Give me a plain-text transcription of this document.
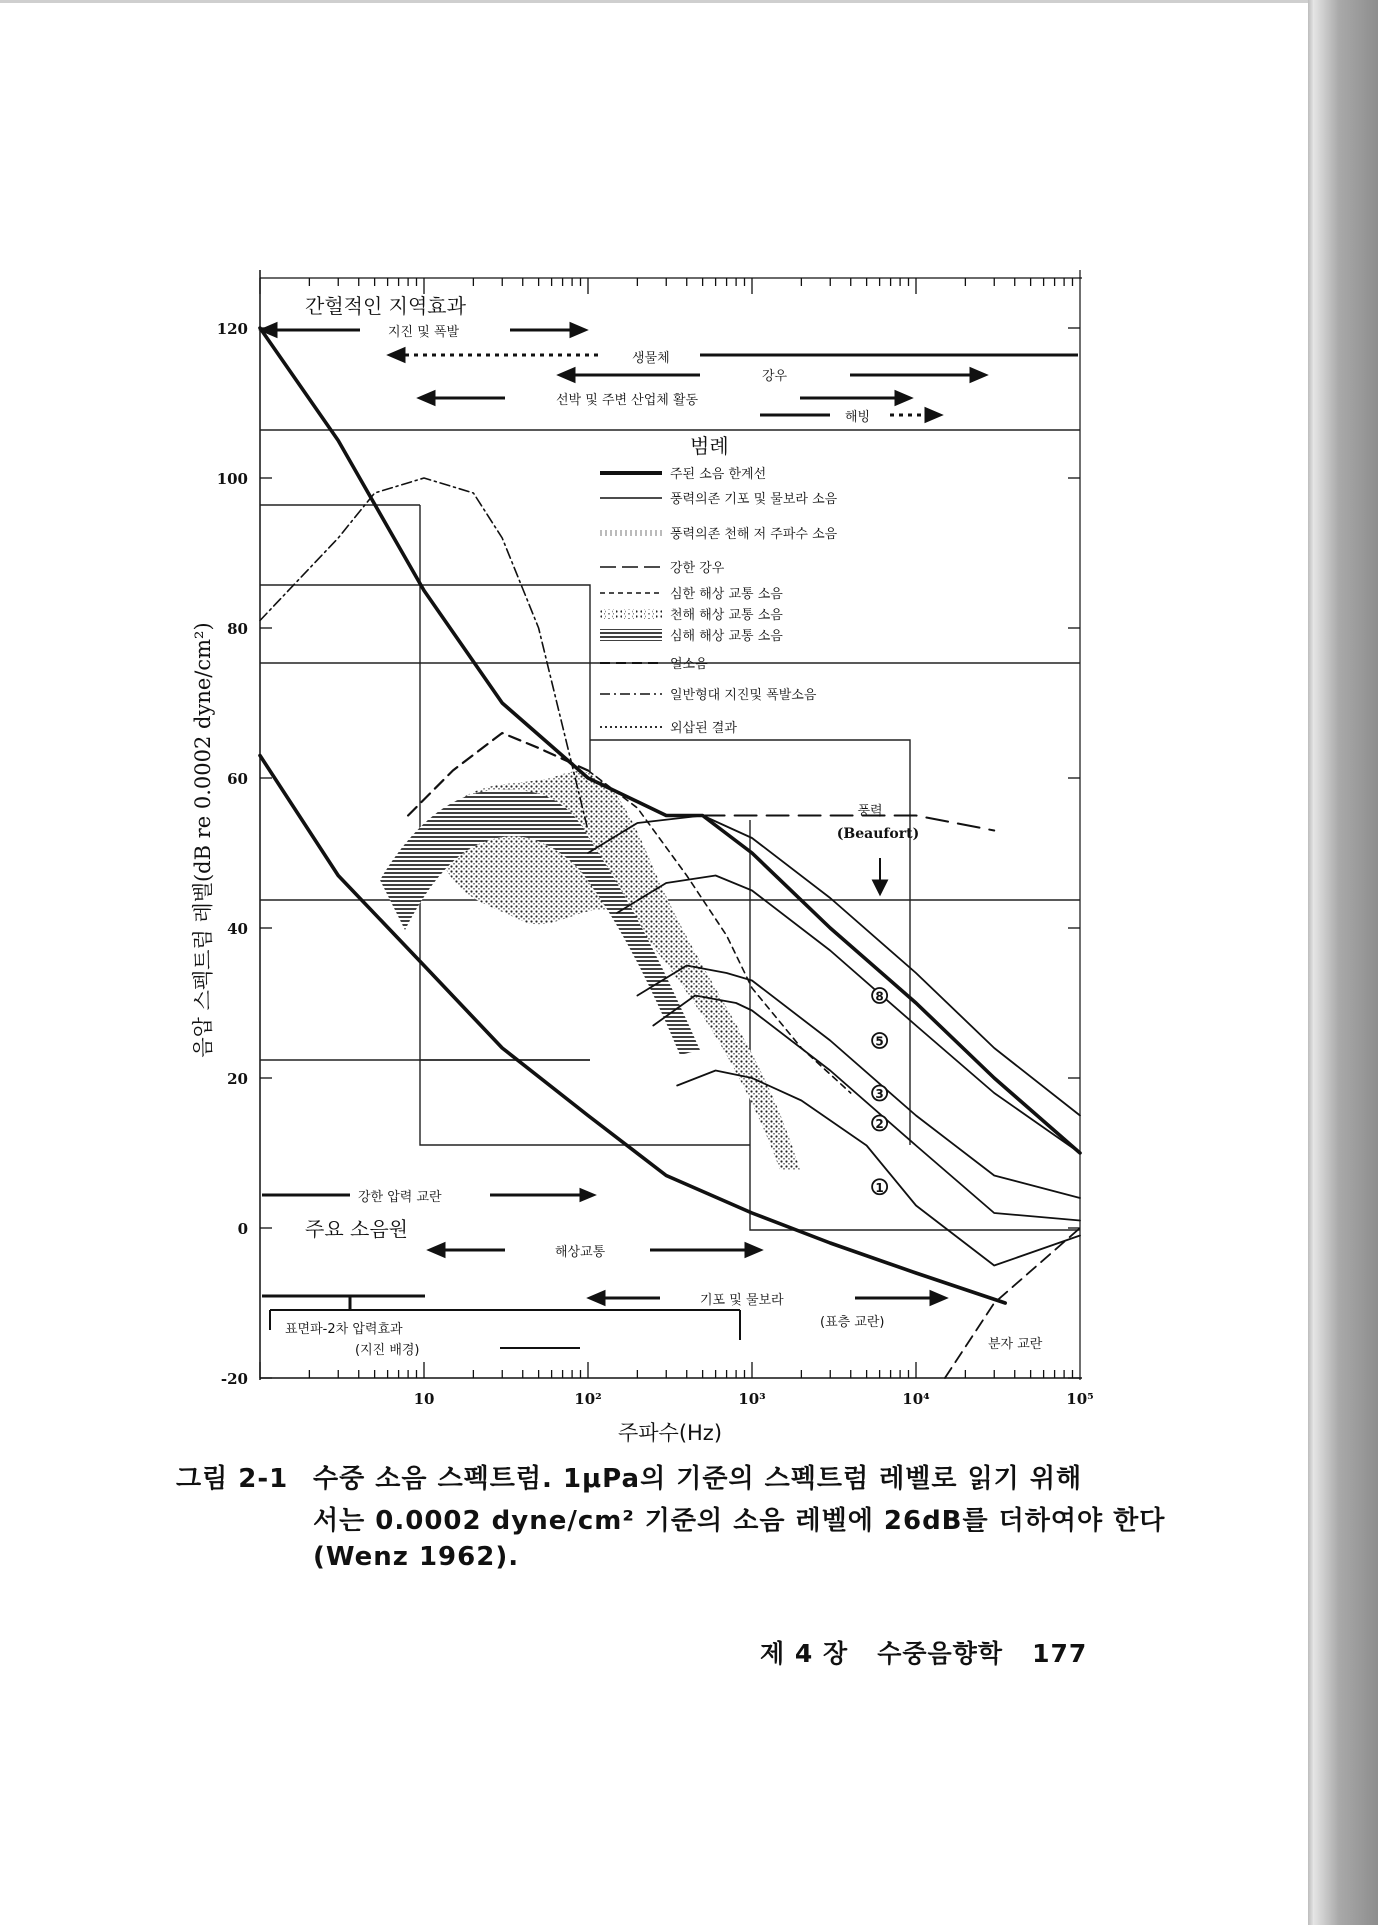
120
100
80
60
40
20
0
-20
10	10²	10³	10⁴	10⁵
8
5
3
2
1
간헐적인 지역효과
주요 소음원
지진 및 폭발
생물체
강우
선박 및 주변 산업체 활동
해빙
강한 압력 교란
해상교통
기포 및 물보라
(표층 교란)
표면파-2차 압력효과
(지진 배경)	분자 교란
풍력
(Beaufort)
범례
주된 소음 한계선
풍력의존 기포 및 물보라 소음
풍력의존 천해 저 주파수 소음
강한 강우
심한 해상 교통 소음
천해 해상 교통 소음
심해 해상 교통 소음
얼소음
일반형대 지진및 폭발소음
외삽된 결과
주파수(Hz)
음압 스펙트럼 레벨(dB re 0.0002 dyne/cm²)
그림 2-1 수중 소음 스펙트럼. 1μPa의 기준의 스펙트럼 레벨로 읽기 위해
서는 0.0002 dyne/cm² 기준의 소음 레벨에 26dB를 더하여야 한다
(Wenz 1962).
제 4 장 수중음향학 177
